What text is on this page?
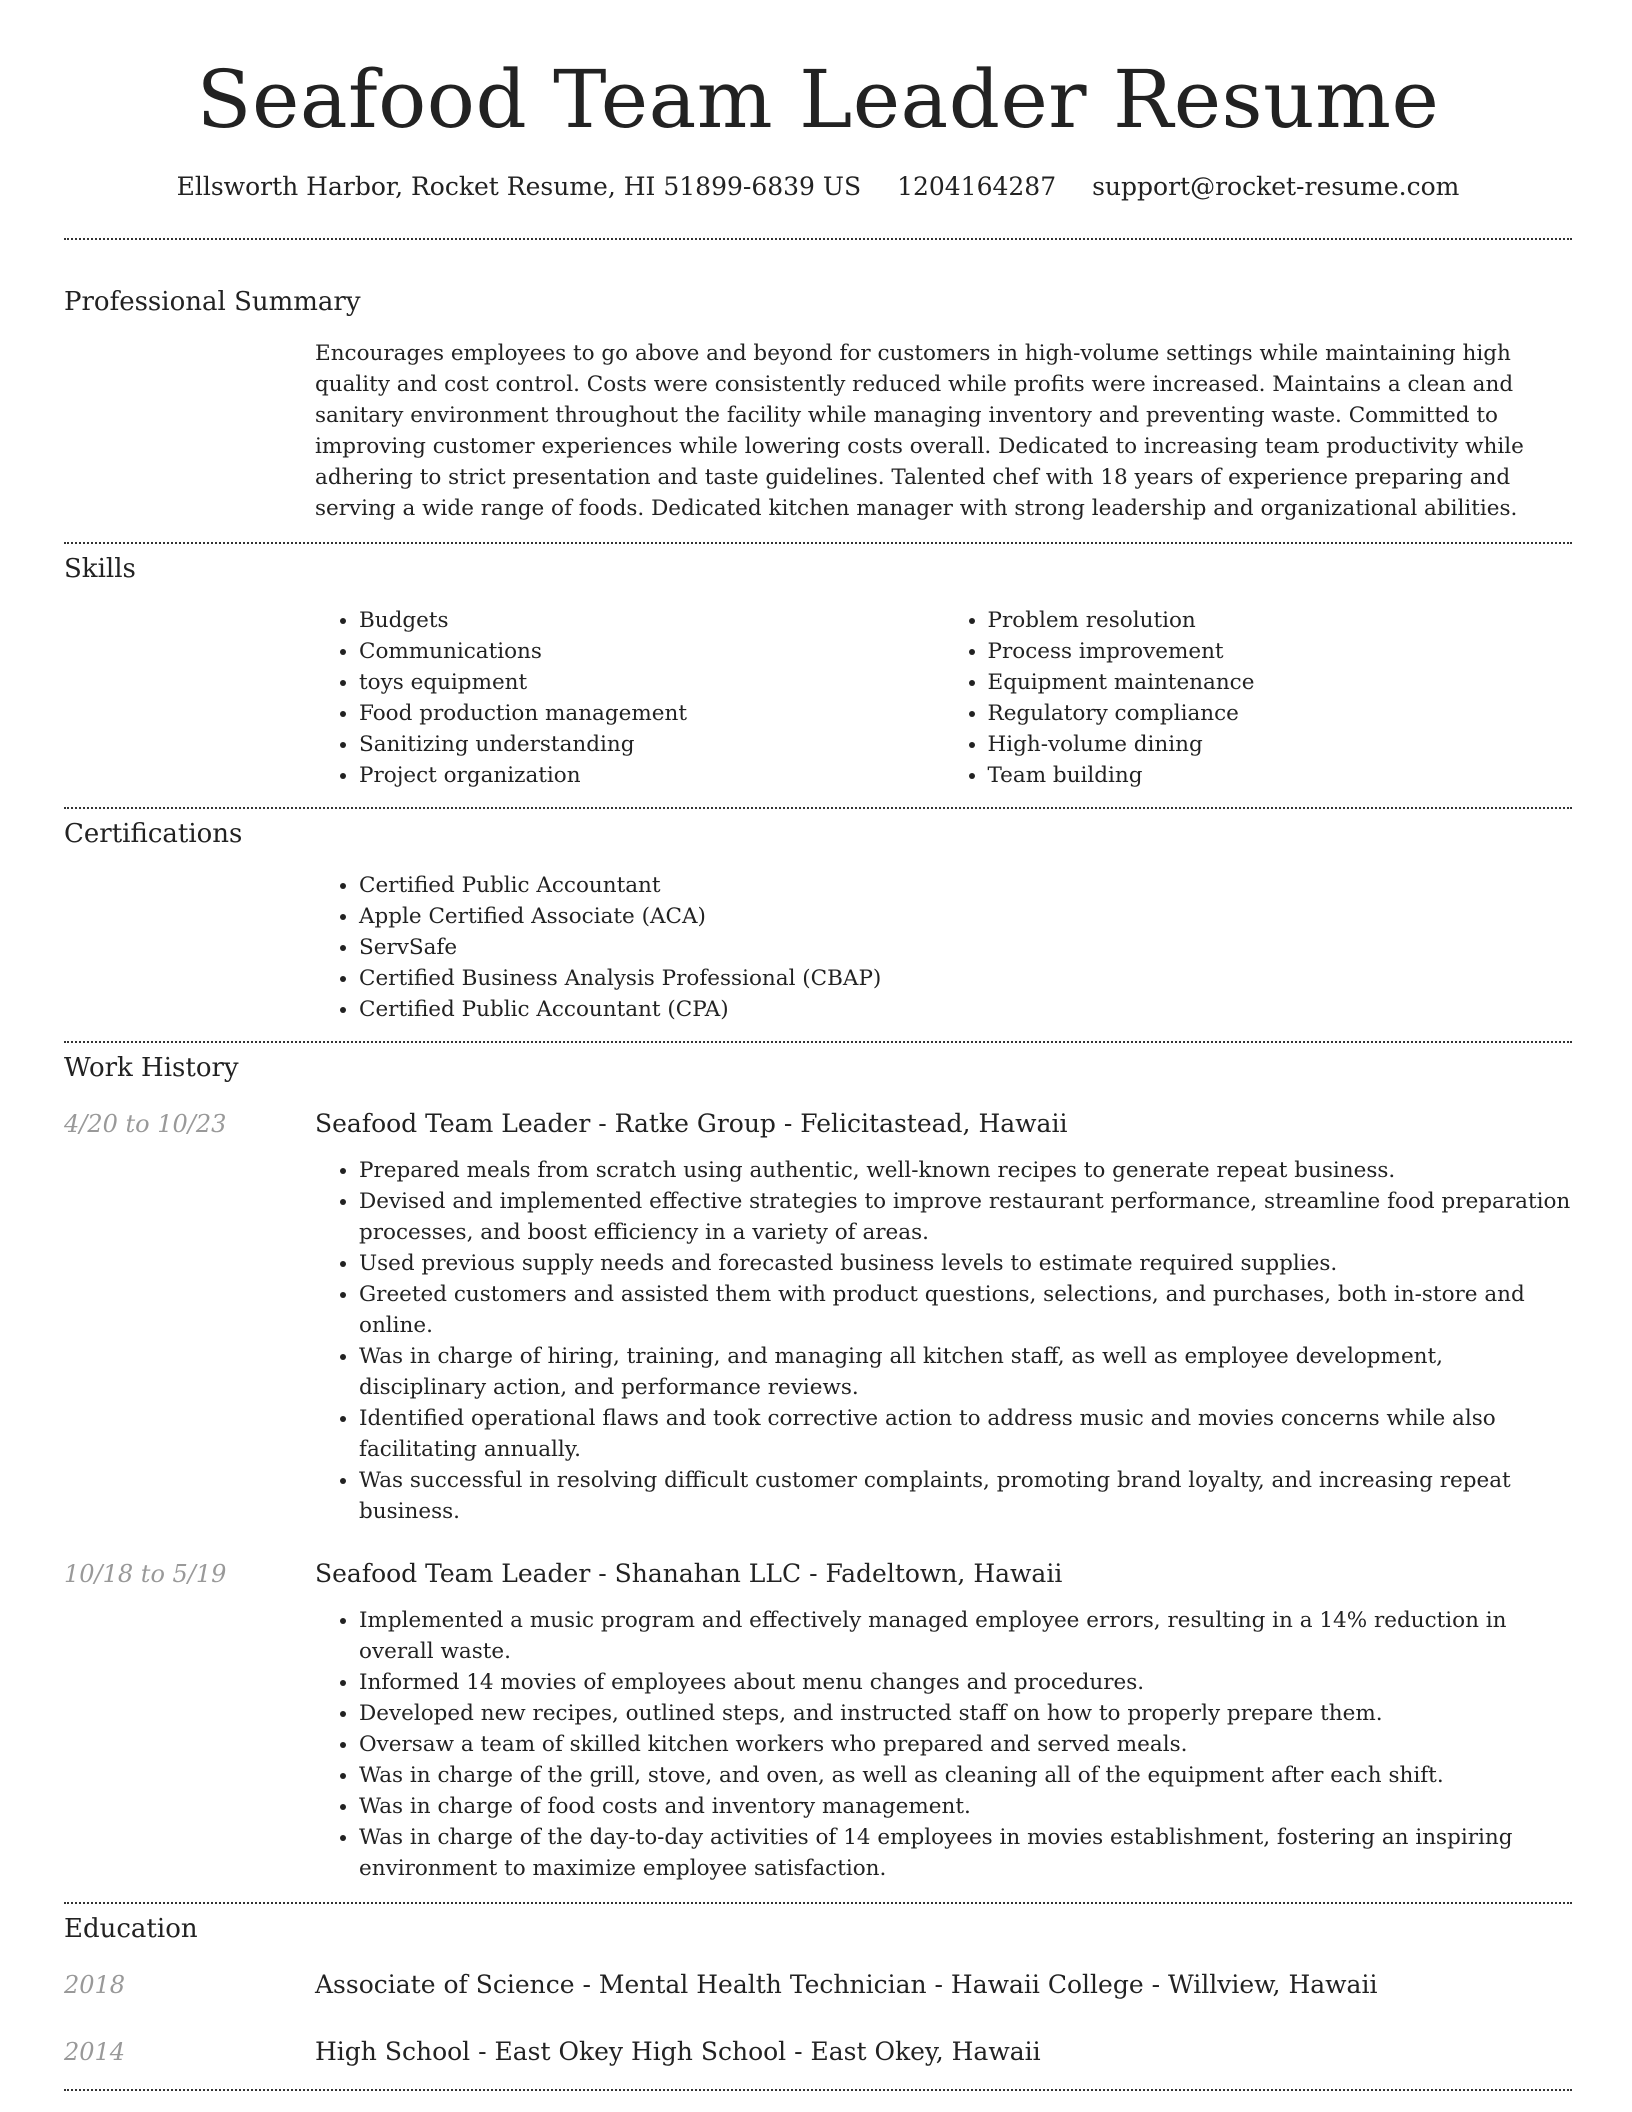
Seafood Team Leader Resume
Ellsworth Harbor, Rocket Resume, HI 51899-6839 US 1204164287 support@rocket-resume.com
Professional Summary
Encourages employees to go above and beyond for customers in high-volume settings while maintaining high quality and cost control. Costs were consistently reduced while profits were increased. Maintains a clean and sanitary environment throughout the facility while managing inventory and preventing waste. Committed to improving customer experiences while lowering costs overall. Dedicated to increasing team productivity while adhering to strict presentation and taste guidelines. Talented chef with 18 years of experience preparing and serving a wide range of foods. Dedicated kitchen manager with strong leadership and organizational abilities.
Skills
• Budgets
• Communications
• toys equipment
• Food production management
• Sanitizing understanding
• Project organization
• Problem resolution
• Process improvement
• Equipment maintenance
• Regulatory compliance
• High-volume dining
• Team building
Certifications
• Certified Public Accountant
• Apple Certified Associate (ACA)
• ServSafe
• Certified Business Analysis Professional (CBAP)
• Certified Public Accountant (CPA)
Work History
4/20 to 10/23	Seafood Team Leader - Ratke Group - Felicitastead, Hawaii
• Prepared meals from scratch using authentic, well-known recipes to generate repeat business.
• Devised and implemented effective strategies to improve restaurant performance, streamline food preparation processes, and boost efficiency in a variety of areas.
• Used previous supply needs and forecasted business levels to estimate required supplies.
• Greeted customers and assisted them with product questions, selections, and purchases, both in-store and online.
• Was in charge of hiring, training, and managing all kitchen staff, as well as employee development, disciplinary action, and performance reviews.
• Identified operational flaws and took corrective action to address music and movies concerns while also facilitating annually.
• Was successful in resolving difficult customer complaints, promoting brand loyalty, and increasing repeat business.
10/18 to 5/19	Seafood Team Leader - Shanahan LLC - Fadeltown, Hawaii
• Implemented a music program and effectively managed employee errors, resulting in a 14% reduction in overall waste.
• Informed 14 movies of employees about menu changes and procedures.
• Developed new recipes, outlined steps, and instructed staff on how to properly prepare them.
• Oversaw a team of skilled kitchen workers who prepared and served meals.
• Was in charge of the grill, stove, and oven, as well as cleaning all of the equipment after each shift.
• Was in charge of food costs and inventory management.
• Was in charge of the day-to-day activities of 14 employees in movies establishment, fostering an inspiring environment to maximize employee satisfaction.
Education
2018	Associate of Science - Mental Health Technician - Hawaii College - Willview, Hawaii
2014	High School - East Okey High School - East Okey, Hawaii
